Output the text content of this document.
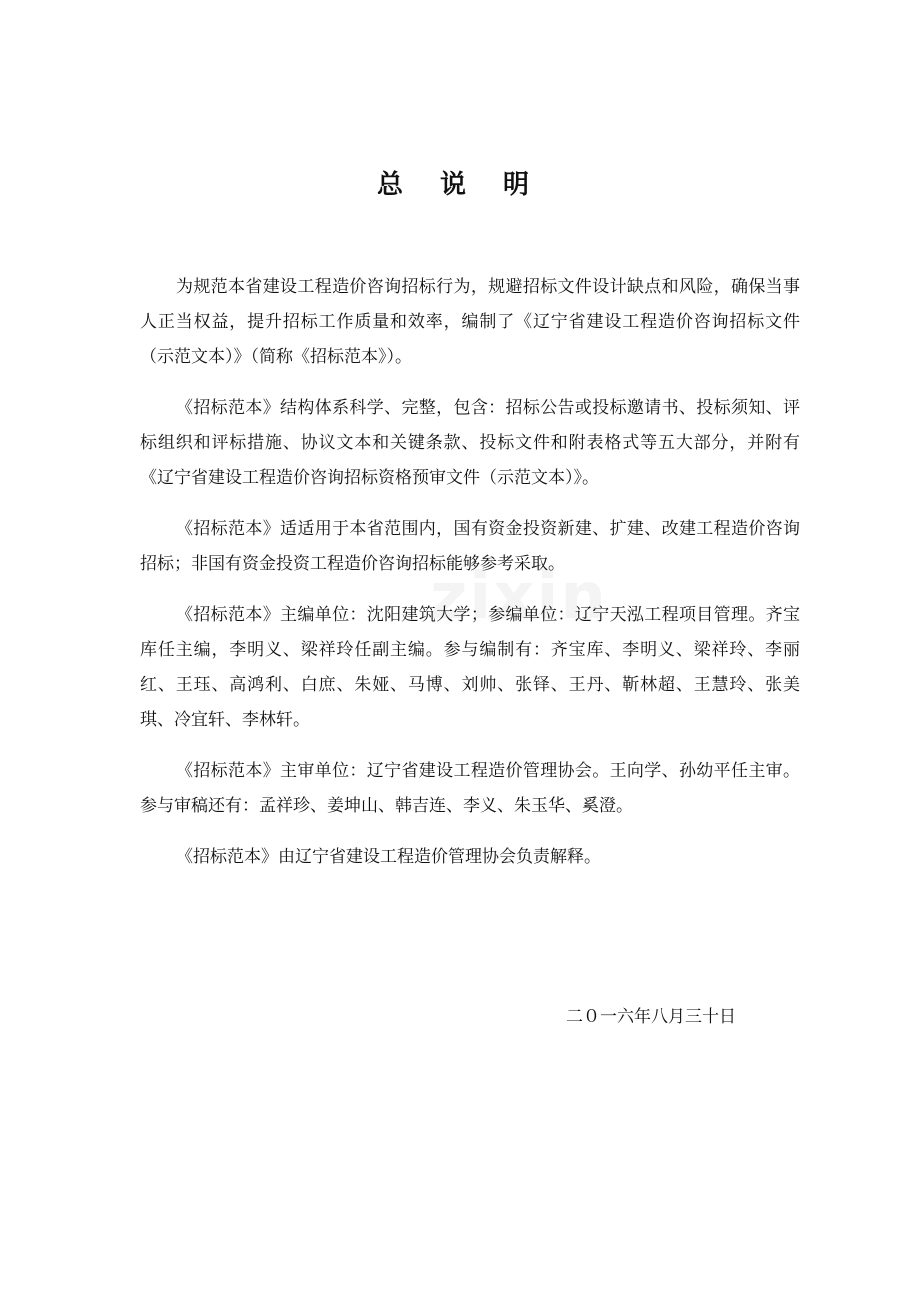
总 说 明

为规范本省建设工程造价咨询招标行为，规避招标文件设计缺点和风险，确保当事人正当权益，提升招标工作质量和效率，编制了《辽宁省建设工程造价咨询招标文件（示范文本）》（简称《招标范本》）。

《招标范本》结构体系科学、完整，包含：招标公告或投标邀请书、投标须知、评标组织和评标措施、协议文本和关键条款、投标文件和附表格式等五大部分，并附有《辽宁省建设工程造价咨询招标资格预审文件（示范文本）》。

《招标范本》适适用于本省范围内，国有资金投资新建、扩建、改建工程造价咨询招标；非国有资金投资工程造价咨询招标能够参考采取。

《招标范本》主编单位：沈阳建筑大学；参编单位：辽宁天泓工程项目管理。齐宝库任主编，李明义、梁祥玲任副主编。参与编制有：齐宝库、李明义、梁祥玲、李丽红、王珏、高鸿利、白庶、朱娅、马博、刘帅、张铎、王丹、靳林超、王慧玲、张美琪、冷宜轩、李林轩。

《招标范本》主审单位：辽宁省建设工程造价管理协会。王向学、孙幼平任主审。参与审稿还有：孟祥珍、姜坤山、韩吉连、李义、朱玉华、奚澄。

《招标范本》由辽宁省建设工程造价管理协会负责解释。

二０一六年八月三十日
